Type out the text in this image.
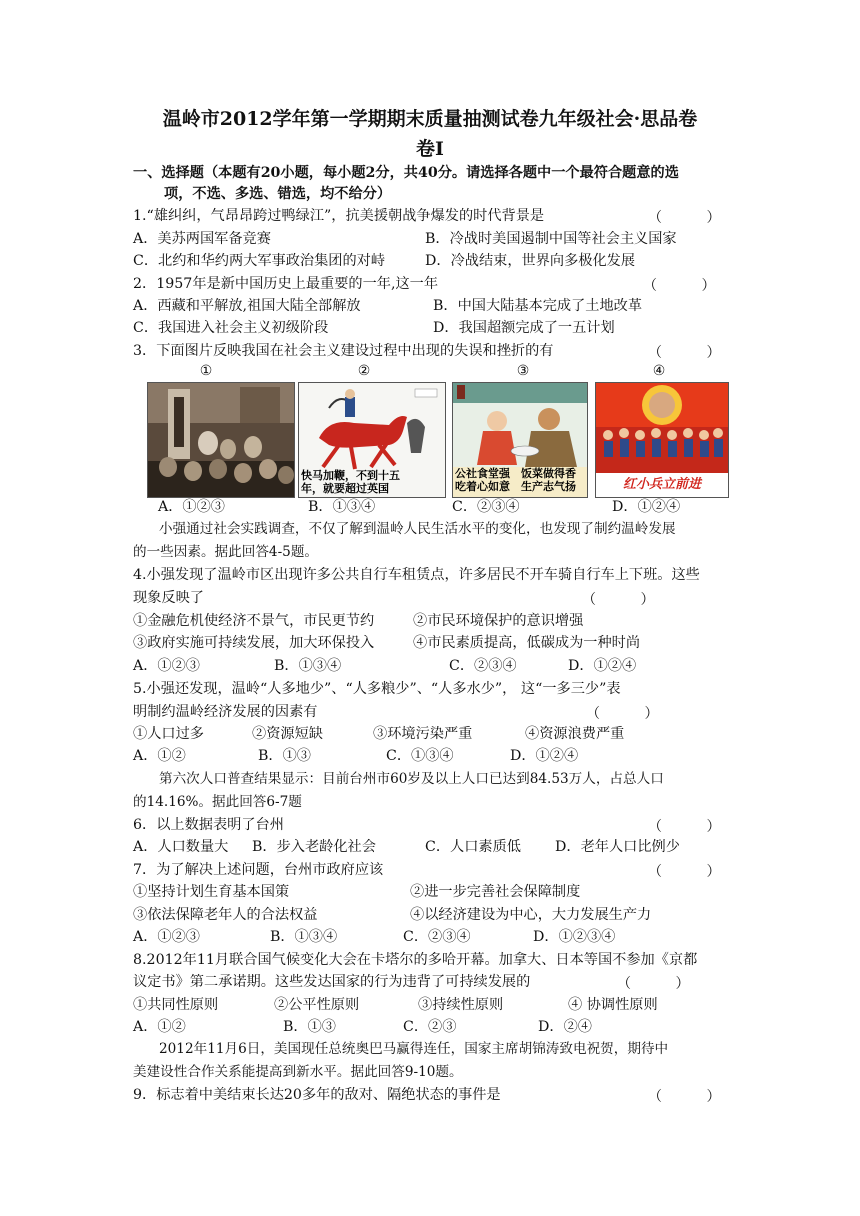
温岭市2012学年第一学期期末质量抽测试卷九年级社会·思品卷
卷Ⅰ
一、选择题（本题有20小题，每小题2分，共40分。请选择各题中一个最符合题意的选
项，不选、多选、错选，均不给分）
1.“雄纠纠，气昂昂跨过鸭绿江”，抗美援朝战争爆发的时代背景是	（          ）
A．美苏两国军备竞赛	B．冷战时美国遏制中国等社会主义国家
C．北约和华约两大军事政治集团的对峙	D．冷战结束，世界向多极化发展
2．1957年是新中国历史上最重要的一年,这一年	（          ）
A．西藏和平解放,祖国大陆全部解放	B．中国大陆基本完成了土地改革
C．我国进入社会主义初级阶段	D．我国超额完成了一五计划
3．下面图片反映我国在社会主义建设过程中出现的失误和挫折的有	（          ）
①	②	③	④
快马加鞭，不到十五年，就要超过英国
公社食堂强 吃着心如意
饭菜做得香 生产志气扬	红小兵立前进
A．①②③	B．①③④	C．②③④	D．①②④
小强通过社会实践调查，不仅了解到温岭人民生活水平的变化，也发现了制约温岭发展
的一些因素。据此回答4-5题。
4.小强发现了温岭市区出现许多公共自行车租赁点，许多居民不开车骑自行车上下班。这些
现象反映了	（          ）
①金融危机使经济不景气，市民更节约	②市民环境保护的意识增强
③政府实施可持续发展，加大环保投入	④市民素质提高，低碳成为一种时尚
A．①②③	B．①③④	C．②③④	D．①②④
5.小强还发现，温岭“人多地少”、“人多粮少”、“人多水少”， 这“一多三少”表
明制约温岭经济发展的因素有	（          ）
①人口过多	②资源短缺	③环境污染严重	④资源浪费严重
A．①②	B．①③	C．①③④	D．①②④
第六次人口普查结果显示：目前台州市60岁及以上人口已达到84.53万人，占总人口
的14.16%。据此回答6-7题
6．以上数据表明了台州	（          ）
A．人口数量大 B．步入老龄化社会	C．人口素质低 D．老年人口比例少
7．为了解决上述问题，台州市政府应该	（          ）
①坚持计划生育基本国策	②进一步完善社会保障制度
③依法保障老年人的合法权益	④以经济建设为中心，大力发展生产力
A．①②③	B．①③④	C．②③④	D．①②③④
8.2012年11月联合国气候变化大会在卡塔尔的多哈开幕。加拿大、日本等国不参加《京都
议定书》第二承诺期。这些发达国家的行为违背了可持续发展的	（          ）
①共同性原则	②公平性原则	③持续性原则	④ 协调性原则
A．①②	B．①③	C．②③	D．②④
2012年11月6日，美国现任总统奥巴马赢得连任，国家主席胡锦涛致电祝贺，期待中
美建设性合作关系能提高到新水平。据此回答9-10题。
9．标志着中美结束长达20多年的敌对、隔绝状态的事件是	（          ）
